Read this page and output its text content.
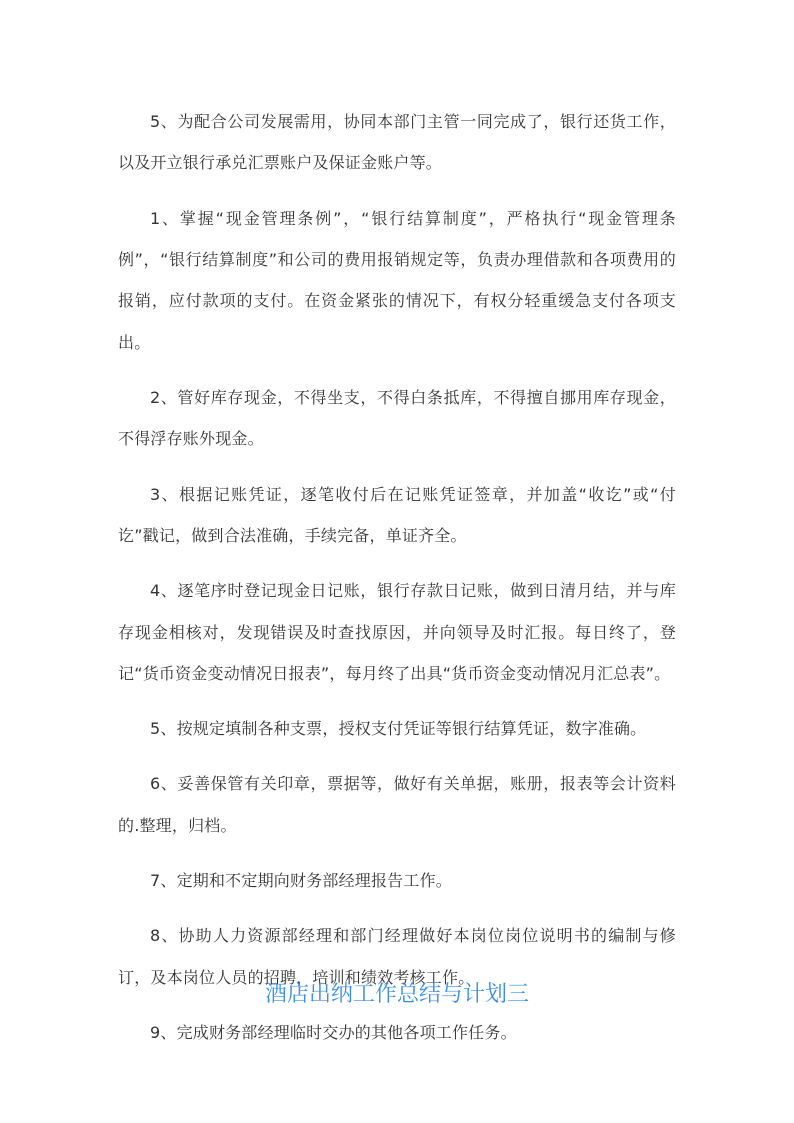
5、为配合公司发展需用，协同本部门主管一同完成了，银行还货工作，以及开立银行承兑汇票账户及保证金账户等。

1、掌握“现金管理条例”，“银行结算制度”，严格执行“现金管理条例”，“银行结算制度”和公司的费用报销规定等，负责办理借款和各项费用的报销，应付款项的支付。在资金紧张的情况下，有权分轻重缓急支付各项支出。

2、管好库存现金，不得坐支，不得白条抵库，不得擅自挪用库存现金，不得浮存账外现金。

3、根据记账凭证，逐笔收付后在记账凭证签章，并加盖“收讫”或“付讫”戳记，做到合法准确，手续完备，单证齐全。

4、逐笔序时登记现金日记账，银行存款日记账，做到日清月结，并与库存现金相核对，发现错误及时查找原因，并向领导及时汇报。每日终了，登记“货币资金变动情况日报表”，每月终了出具“货币资金变动情况月汇总表”。

5、按规定填制各种支票，授权支付凭证等银行结算凭证，数字准确。

6、妥善保管有关印章，票据等，做好有关单据，账册，报表等会计资料的.整理，归档。

7、定期和不定期向财务部经理报告工作。

8、协助人力资源部经理和部门经理做好本岗位岗位说明书的编制与修订，及本岗位人员的招聘，培训和绩效考核工作。

9、完成财务部经理临时交办的其他各项工作任务。

酒店出纳工作总结与计划三
